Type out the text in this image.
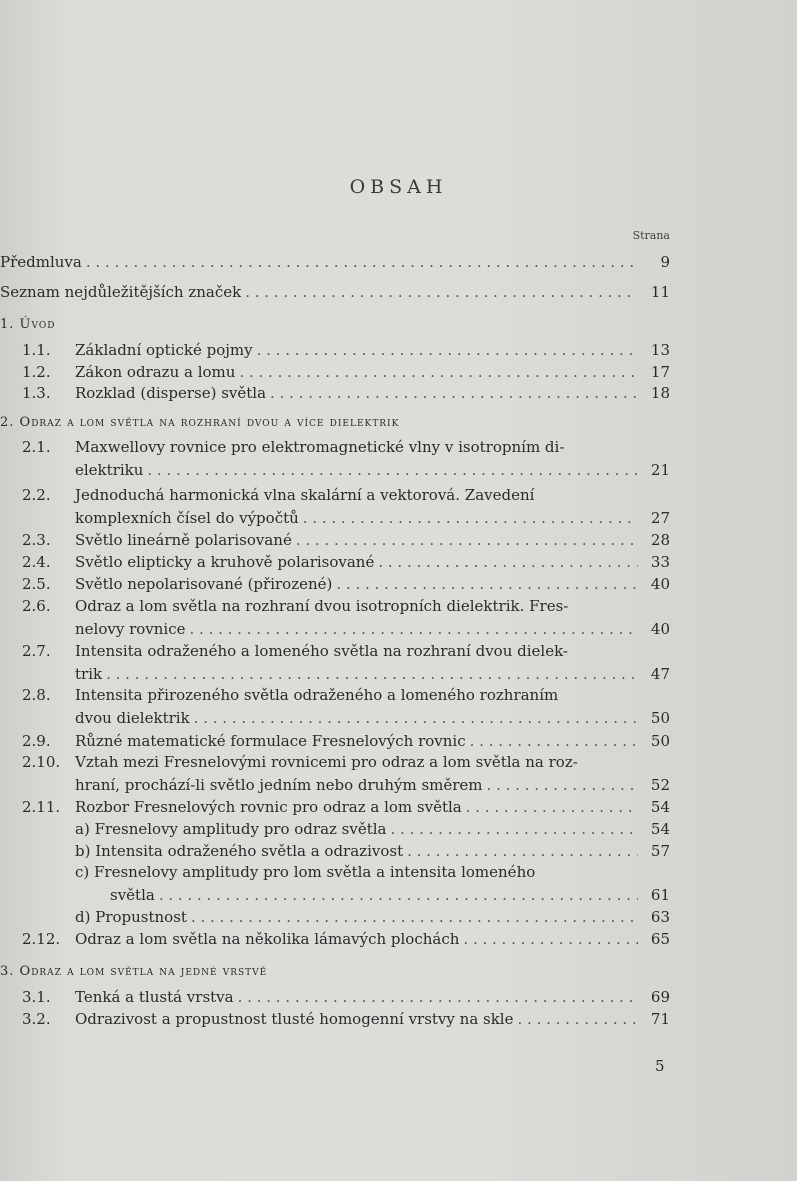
OBSAH
Strana
Předmluva . . .	9
Seznam nejdůležitějších značek . . .	11
1. Úvod
1.1. Základní optické pojmy . . .	13
1.2. Zákon odrazu a lomu . . .	17
1.3. Rozklad (disperse) světla . . .	18
2. Odraz a lom světla na rozhraní dvou a více dielektrik
2.1. Maxwellovy rovnice pro elektromagnetické vlny v isotropním di-
elektriku . . .	21
2.2. Jednoduchá harmonická vlna skalární a vektorová. Zavedení
komplexních čísel do výpočtů . . .	27
2.3. Světlo lineárně polarisované . . .	28
2.4. Světlo elipticky a kruhově polarisované . . .	33
2.5. Světlo nepolarisované (přirozené) . . .	40
2.6. Odraz a lom světla na rozhraní dvou isotropních dielektrik. Fres-
nelovy rovnice . . .	40
2.7. Intensita odraženého a lomeného světla na rozhraní dvou dielek-
trik . . .	47
2.8. Intensita přirozeného světla odraženého a lomeného rozhraním
dvou dielektrik . . .	50
2.9. Různé matematické formulace Fresnelových rovnic . . .	50
2.10. Vztah mezi Fresnelovými rovnicemi pro odraz a lom světla na roz-
hraní, prochází-li světlo jedním nebo druhým směrem . . .	52
2.11. Rozbor Fresnelových rovnic pro odraz a lom světla . . .	54
a) Fresnelovy amplitudy pro odraz světla . . .	54
b) Intensita odraženého světla a odrazivost . . .	57
c) Fresnelovy amplitudy pro lom světla a intensita lomeného
světla . . .	61
d) Propustnost . . .	63
2.12. Odraz a lom světla na několika lámavých plochách . . .	65
3. Odraz a lom světla na jedné vrstvě
3.1. Tenká a tlustá vrstva . . .	69
3.2. Odrazivost a propustnost tlusté homogenní vrstvy na skle . . .	71
5
